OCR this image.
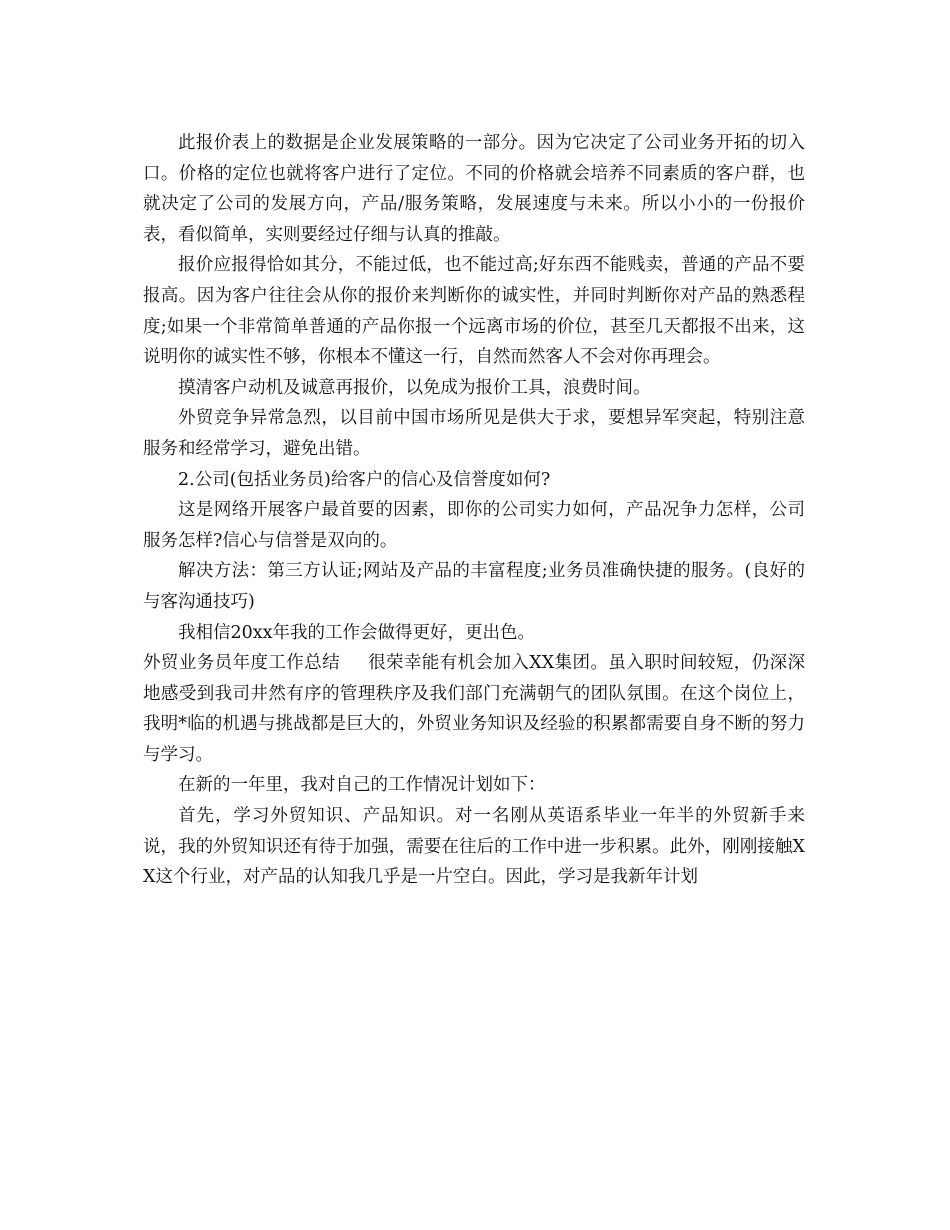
此报价表上的数据是企业发展策略的一部分。因为它决定了公司业务开拓的切入口。价格的定位也就将客户进行了定位。不同的价格就会培养不同素质的客户群，也就决定了公司的发展方向，产品/服务策略，发展速度与未来。所以小小的一份报价表，看似简单，实则要经过仔细与认真的推敲。

报价应报得恰如其分，不能过低，也不能过高;好东西不能贱卖，普通的产品不要报高。因为客户往往会从你的报价来判断你的诚实性，并同时判断你对产品的熟悉程度;如果一个非常简单普通的产品你报一个远离市场的价位，甚至几天都报不出来，这说明你的诚实性不够，你根本不懂这一行，自然而然客人不会对你再理会。

摸清客户动机及诚意再报价，以免成为报价工具，浪费时间。

外贸竞争异常急烈，以目前中国市场所见是供大于求，要想异军突起，特别注意服务和经常学习，避免出错。

2.公司(包括业务员)给客户的信心及信誉度如何?

这是网络开展客户最首要的因素，即你的公司实力如何，产品况争力怎样，公司服务怎样?信心与信誉是双向的。

解决方法：第三方认证;网站及产品的丰富程度;业务员准确快捷的服务。(良好的与客沟通技巧)

我相信20xx年我的工作会做得更好，更出色。

外贸业务员年度工作总结 很荣幸能有机会加入XX集团。虽入职时间较短，仍深深地感受到我司井然有序的管理秩序及我们部门充满朝气的团队氛围。在这个岗位上，我明*临的机遇与挑战都是巨大的，外贸业务知识及经验的积累都需要自身不断的努力与学习。

在新的一年里，我对自己的工作情况计划如下：

首先，学习外贸知识、产品知识。对一名刚从英语系毕业一年半的外贸新手来说，我的外贸知识还有待于加强，需要在往后的工作中进一步积累。此外，刚刚接触XX这个行业，对产品的认知我几乎是一片空白。因此，学习是我新年计划
